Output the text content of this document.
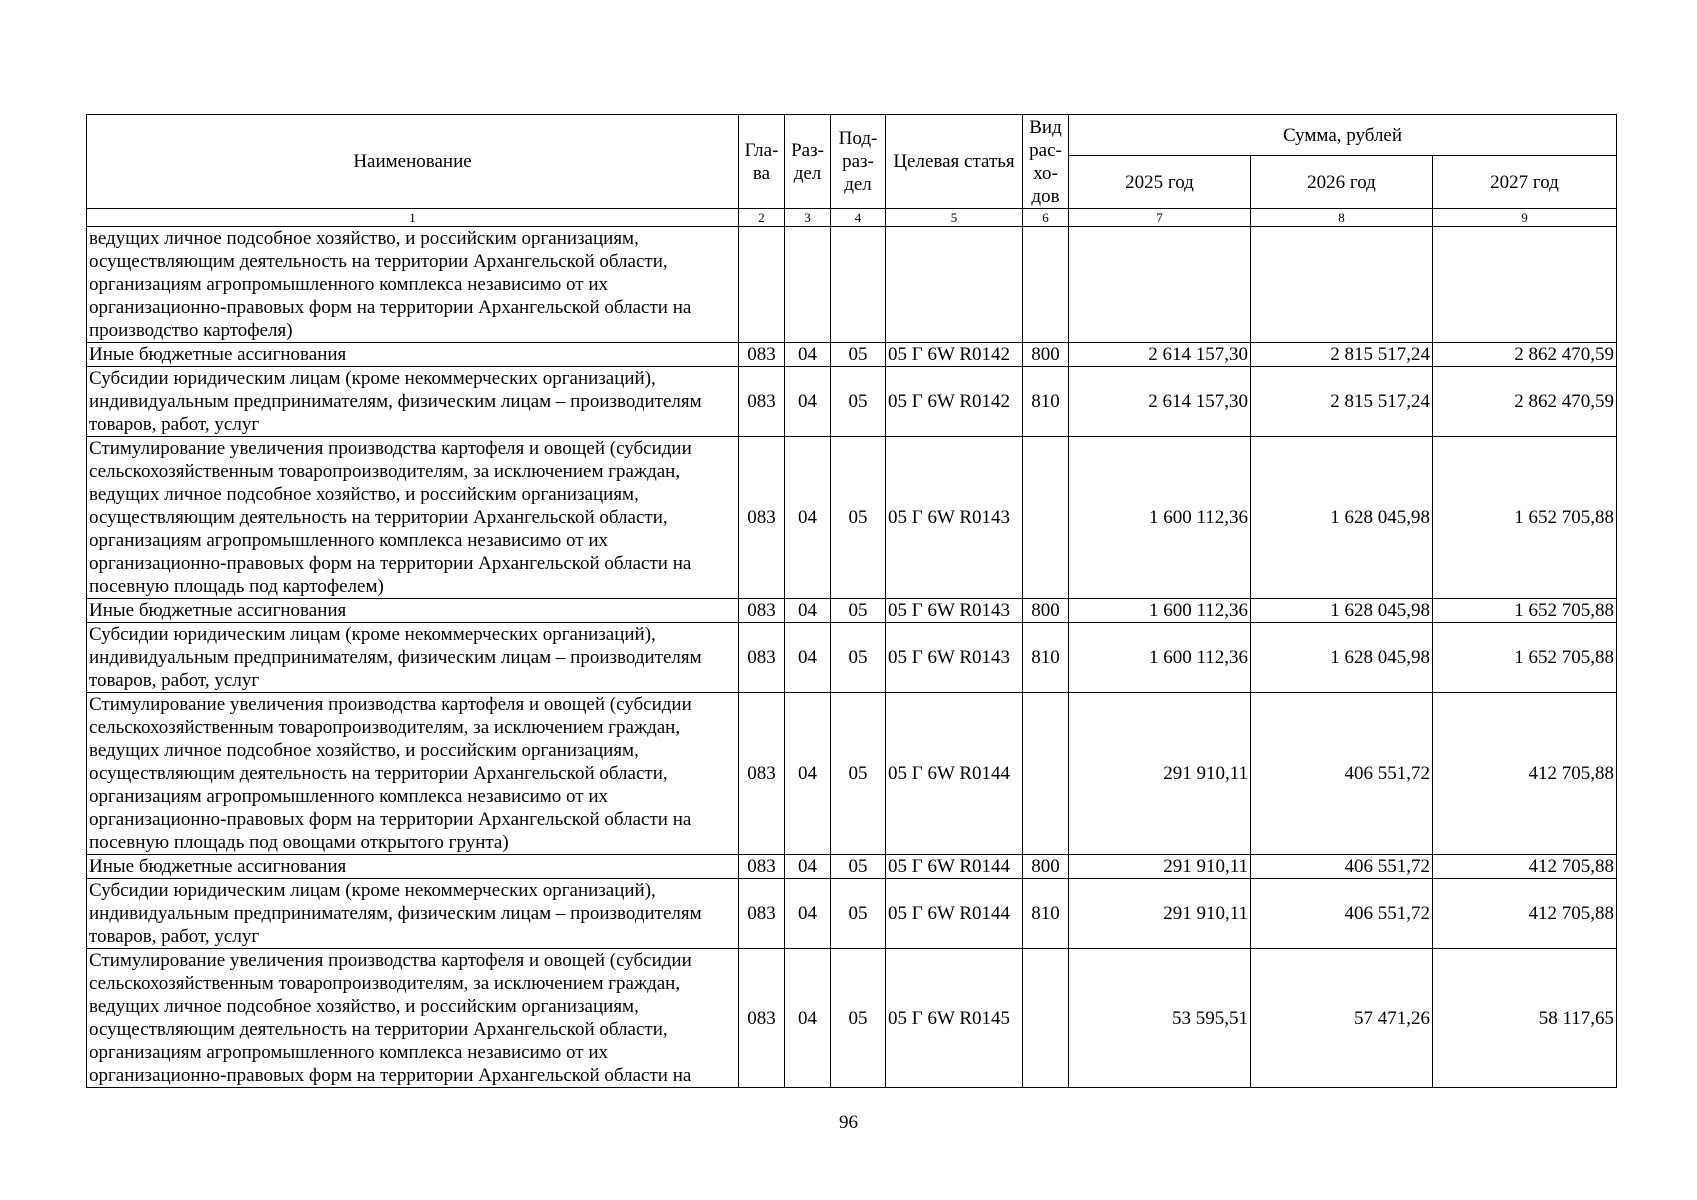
Наименование	Гла-ва	Раз-дел	Под-раз-дел	Целевая статья	Вид рас-хо-дов	Сумма, рублей		
						2025 год	2026 год	2027 год
1	2	3	4	5	6	7	8	9
ведущих личное подсобное хозяйство, и российским организациям, осуществляющим деятельность на территории Архангельской области, организациям агропромышленного комплекса независимо от их организационно-правовых форм на территории Архангельской области на производство картофеля)								
Иные бюджетные ассигнования	083	04	05	05 Г 6W R0142	800	2 614 157,30	2 815 517,24	2 862 470,59
Субсидии юридическим лицам (кроме некоммерческих организаций), индивидуальным предпринимателям, физическим лицам – производителям товаров, работ, услуг	083	04	05	05 Г 6W R0142	810	2 614 157,30	2 815 517,24	2 862 470,59
Стимулирование увеличения производства картофеля и овощей (субсидии сельскохозяйственным товаропроизводителям, за исключением граждан, ведущих личное подсобное хозяйство, и российским организациям, осуществляющим деятельность на территории Архангельской области, организациям агропромышленного комплекса независимо от их организационно-правовых форм на территории Архангельской области на посевную площадь под картофелем)	083	04	05	05 Г 6W R0143		1 600 112,36	1 628 045,98	1 652 705,88
Иные бюджетные ассигнования	083	04	05	05 Г 6W R0143	800	1 600 112,36	1 628 045,98	1 652 705,88
Субсидии юридическим лицам (кроме некоммерческих организаций), индивидуальным предпринимателям, физическим лицам – производителям товаров, работ, услуг	083	04	05	05 Г 6W R0143	810	1 600 112,36	1 628 045,98	1 652 705,88
Стимулирование увеличения производства картофеля и овощей (субсидии сельскохозяйственным товаропроизводителям, за исключением граждан, ведущих личное подсобное хозяйство, и российским организациям, осуществляющим деятельность на территории Архангельской области, организациям агропромышленного комплекса независимо от их организационно-правовых форм на территории Архангельской области на посевную площадь под овощами открытого грунта)	083	04	05	05 Г 6W R0144		291 910,11	406 551,72	412 705,88
Иные бюджетные ассигнования	083	04	05	05 Г 6W R0144	800	291 910,11	406 551,72	412 705,88
Субсидии юридическим лицам (кроме некоммерческих организаций), индивидуальным предпринимателям, физическим лицам – производителям товаров, работ, услуг	083	04	05	05 Г 6W R0144	810	291 910,11	406 551,72	412 705,88
Стимулирование увеличения производства картофеля и овощей (субсидии сельскохозяйственным товаропроизводителям, за исключением граждан, ведущих личное подсобное хозяйство, и российским организациям, осуществляющим деятельность на территории Архангельской области, организациям агропромышленного комплекса независимо от их организационно-правовых форм на территории Архангельской области на	083	04	05	05 Г 6W R0145		53 595,51	57 471,26	58 117,65
96
